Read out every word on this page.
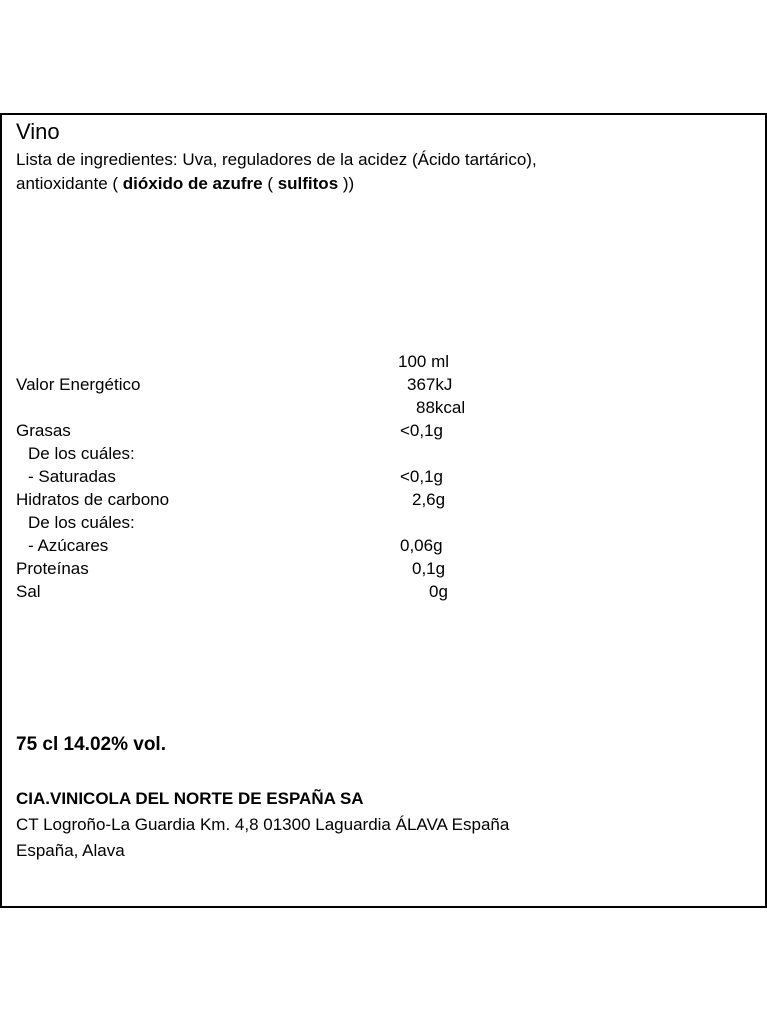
Vino
Lista de ingredientes: Uva, reguladores de la acidez (Ácido tartárico),
antioxidante ( dióxido de azufre ( sulfitos ))
100 ml
Valor Energético	367kJ
88kcal
Grasas	<0,1g
De los cuáles:
- Saturadas	<0,1g
Hidratos de carbono	2,6g
De los cuáles:
- Azúcares	0,06g
Proteínas	0,1g
Sal	0g
75 cl 14.02% vol.
CIA.VINICOLA DEL NORTE DE ESPAÑA SA
CT Logroño-La Guardia Km. 4,8 01300 Laguardia ÁLAVA España
España, Alava
